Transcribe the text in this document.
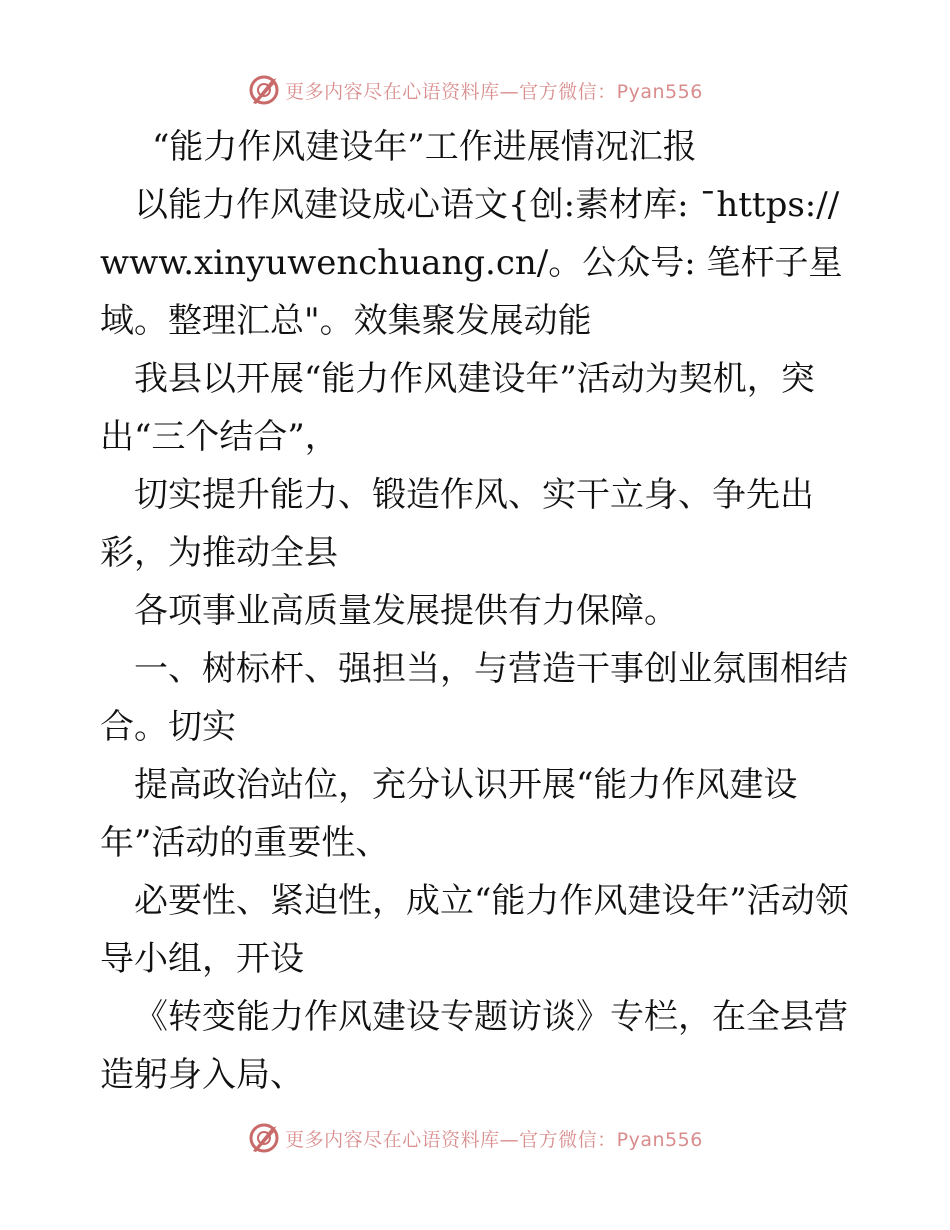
更多内容尽在心语资料库—官方微信：Pyan556

“能力作风建设年”工作进展情况汇报

以能力作风建设成心语文{创:素材库: ¯https://www.xinyuwenchuang.cn/。公众号: 笔杆子星域。整理汇总"。效集聚发展动能

我县以开展“能力作风建设年”活动为契机，突出“三个结合”，

切实提升能力、锻造作风、实干立身、争先出彩，为推动全县

各项事业高质量发展提供有力保障。

一、树标杆、强担当，与营造干事创业氛围相结合。切实

提高政治站位，充分认识开展“能力作风建设年”活动的重要性、

必要性、紧迫性，成立“能力作风建设年”活动领导小组，开设

《转变能力作风建设专题访谈》专栏，在全县营造躬身入局、

更多内容尽在心语资料库—官方微信：Pyan556
